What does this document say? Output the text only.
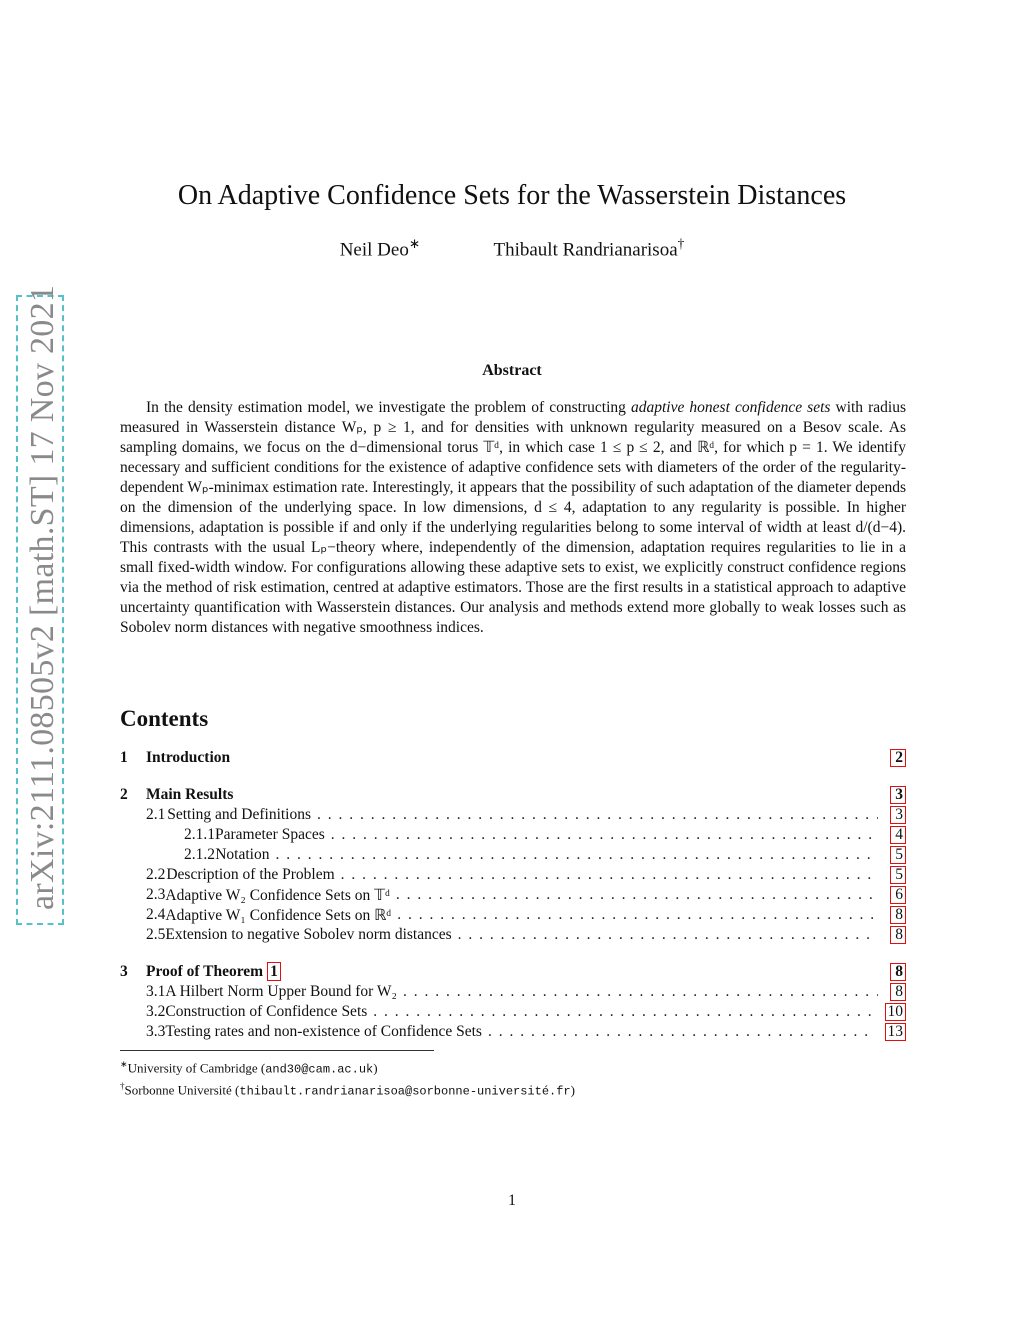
arXiv:2111.08505v2 [math.ST] 17 Nov 2021
On Adaptive Confidence Sets for the Wasserstein Distances
Neil Deo∗	Thibault Randrianarisoa†
Abstract
In the density estimation model, we investigate the problem of constructing adaptive honest confidence sets with radius measured in Wasserstein distance Wₚ, p ≥ 1, and for densities with unknown regularity measured on a Besov scale. As sampling domains, we focus on the d−dimensional torus 𝕋ᵈ, in which case 1 ≤ p ≤ 2, and ℝᵈ, for which p = 1. We identify necessary and sufficient conditions for the existence of adaptive confidence sets with diameters of the order of the regularity-dependent Wₚ-minimax estimation rate. Interestingly, it appears that the possibility of such adaptation of the diameter depends on the dimension of the underlying space. In low dimensions, d ≤ 4, adaptation to any regularity is possible. In higher dimensions, adaptation is possible if and only if the underlying regularities belong to some interval of width at least d/(d−4). This contrasts with the usual Lₚ−theory where, independently of the dimension, adaptation requires regularities to lie in a small fixed-width window. For configurations allowing these adaptive sets to exist, we explicitly construct confidence regions via the method of risk estimation, centred at adaptive estimators. Those are the first results in a statistical approach to adaptive uncertainty quantification with Wasserstein distances. Our analysis and methods extend more globally to weak losses such as Sobolev norm distances with negative smoothness indices.
Contents
1	Introduction	2
2	Main Results	3
2.1 Setting and Definitions . . .	3
2.1.1 Parameter Spaces . . .	4
2.1.2 Notation . . .	5
2.2 Description of the Problem . . .	5
2.3 Adaptive W₂ Confidence Sets on 𝕋ᵈ . . .	6
2.4 Adaptive W₁ Confidence Sets on ℝᵈ . . .	8
2.5 Extension to negative Sobolev norm distances . . .	8
3	Proof of Theorem 1	8
3.1 A Hilbert Norm Upper Bound for W₂ . . .	8
3.2 Construction of Confidence Sets . . .	10
3.3 Testing rates and non-existence of Confidence Sets . . .	13
∗University of Cambridge (and30@cam.ac.uk)
†Sorbonne Université (thibault.randrianarisoa@sorbonne-université.fr)
1
